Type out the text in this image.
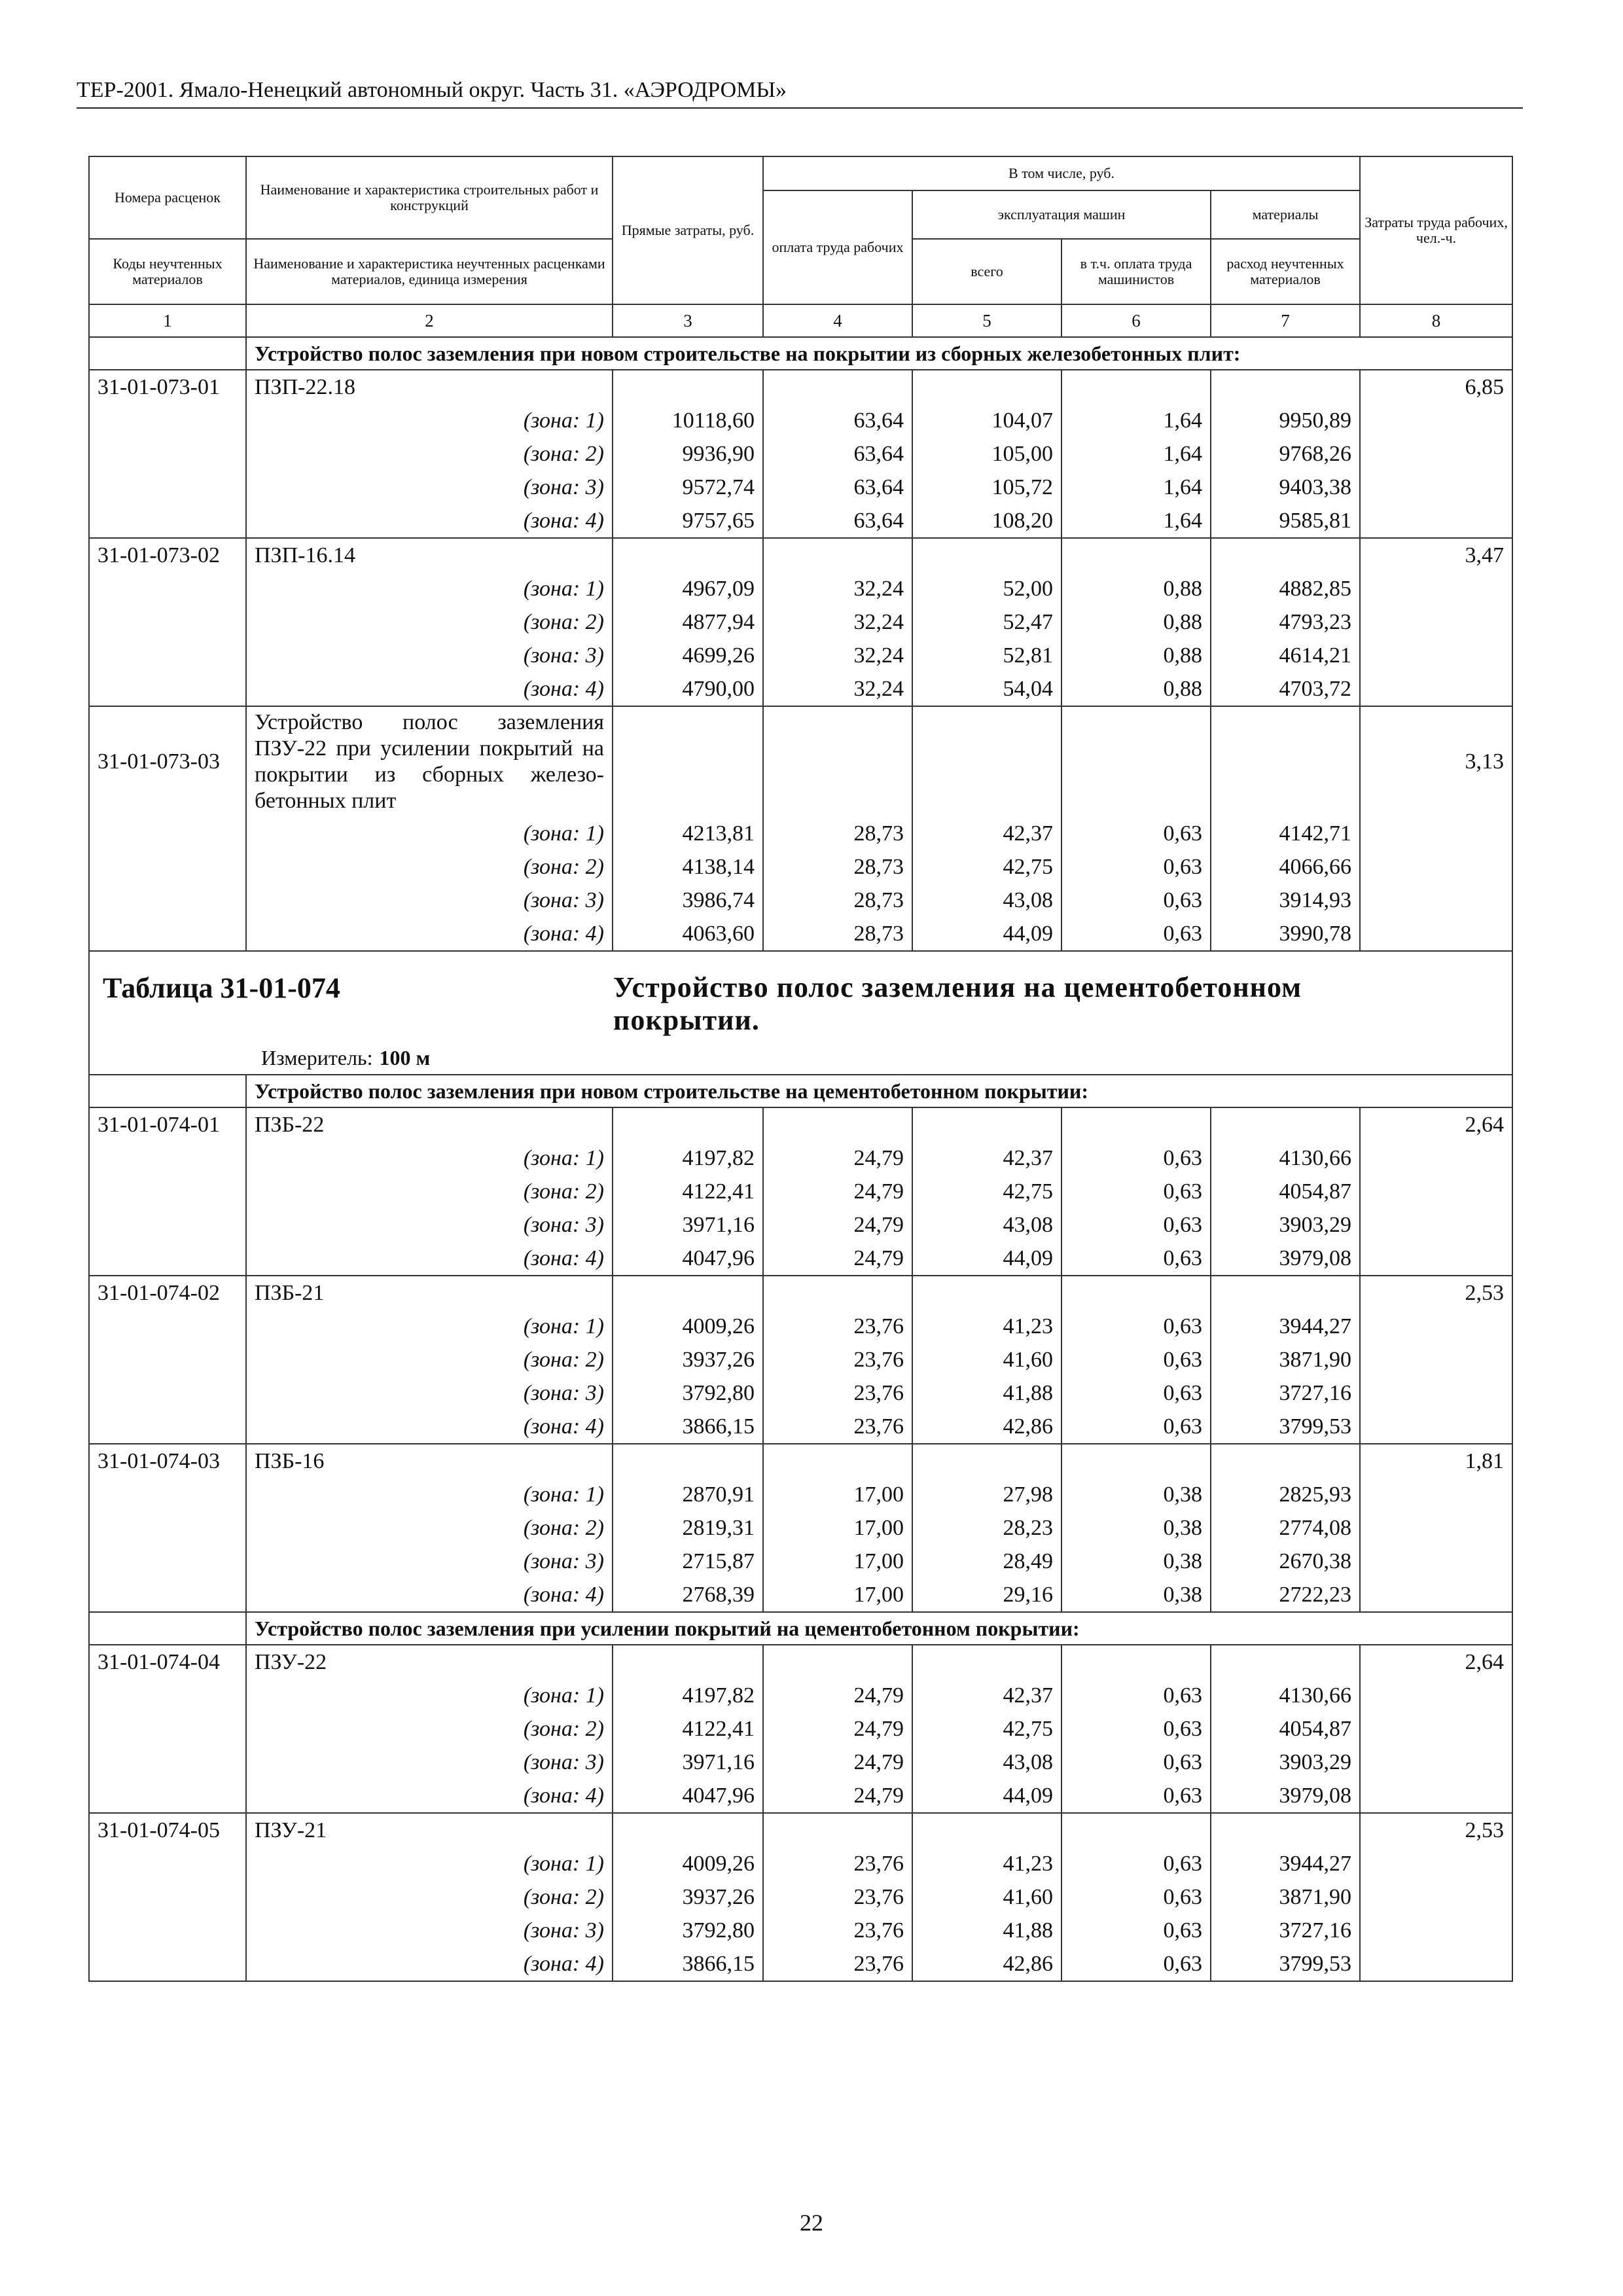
ТЕР-2001. Ямало-Ненецкий автономный округ. Часть 31. «АЭРОДРОМЫ»
Номера расценок	Наименование и характеристика строительных работ и конструкций	Прямые затраты, руб.	В том числе, руб.				Затраты труда рабочих, чел.-ч.
			оплата труда рабочих	эксплуатация машин		материалы	
Коды неучтенных материалов	Наименование и характеристика неучтенных расценками материалов, единица измерения			всего	в т.ч. оплата труда машинистов	расход неучтенных материалов	
1	2	3	4	5	6	7	8
	Устройство полос заземления при новом строительстве на покрытии из сборных железобетонных плит:						
31-01-073-01	ПЗП-22.18						6,85
	(зона: 1)	10118,60	63,64	104,07	1,64	9950,89	
	(зона: 2)	9936,90	63,64	105,00	1,64	9768,26	
	(зона: 3)	9572,74	63,64	105,72	1,64	9403,38	
	(зона: 4)	9757,65	63,64	108,20	1,64	9585,81	
31-01-073-02	ПЗП-16.14						3,47
	(зона: 1)	4967,09	32,24	52,00	0,88	4882,85	
	(зона: 2)	4877,94	32,24	52,47	0,88	4793,23	
	(зона: 3)	4699,26	32,24	52,81	0,88	4614,21	
	(зона: 4)	4790,00	32,24	54,04	0,88	4703,72	
31-01-073-03	Устройство полос заземления ПЗУ-22 при усилении покрытий на покрытии из сборных железо-бетонных плит						3,13
	(зона: 1)	4213,81	28,73	42,37	0,63	4142,71	
	(зона: 2)	4138,14	28,73	42,75	0,63	4066,66	
	(зона: 3)	3986,74	28,73	43,08	0,63	3914,93	
	(зона: 4)	4063,60	28,73	44,09	0,63	3990,78	

Таблица 31-01-074 Устройство полос заземления на цементобетонном покрытии.
Измеритель: 100 м							

	Устройство полос заземления при новом строительстве на цементобетонном покрытии:						
31-01-074-01	ПЗБ-22						2,64
	(зона: 1)	4197,82	24,79	42,37	0,63	4130,66	
	(зона: 2)	4122,41	24,79	42,75	0,63	4054,87	
	(зона: 3)	3971,16	24,79	43,08	0,63	3903,29	
	(зона: 4)	4047,96	24,79	44,09	0,63	3979,08	
31-01-074-02	ПЗБ-21						2,53
	(зона: 1)	4009,26	23,76	41,23	0,63	3944,27	
	(зона: 2)	3937,26	23,76	41,60	0,63	3871,90	
	(зона: 3)	3792,80	23,76	41,88	0,63	3727,16	
	(зона: 4)	3866,15	23,76	42,86	0,63	3799,53	
31-01-074-03	ПЗБ-16						1,81
	(зона: 1)	2870,91	17,00	27,98	0,38	2825,93	
	(зона: 2)	2819,31	17,00	28,23	0,38	2774,08	
	(зона: 3)	2715,87	17,00	28,49	0,38	2670,38	
	(зона: 4)	2768,39	17,00	29,16	0,38	2722,23	
	Устройство полос заземления при усилении покрытий на цементобетонном покрытии:						
31-01-074-04	ПЗУ-22						2,64
	(зона: 1)	4197,82	24,79	42,37	0,63	4130,66	
	(зона: 2)	4122,41	24,79	42,75	0,63	4054,87	
	(зона: 3)	3971,16	24,79	43,08	0,63	3903,29	
	(зона: 4)	4047,96	24,79	44,09	0,63	3979,08	
31-01-074-05	ПЗУ-21						2,53
	(зона: 1)	4009,26	23,76	41,23	0,63	3944,27	
	(зона: 2)	3937,26	23,76	41,60	0,63	3871,90	
	(зона: 3)	3792,80	23,76	41,88	0,63	3727,16	
	(зона: 4)	3866,15	23,76	42,86	0,63	3799,53	
22
